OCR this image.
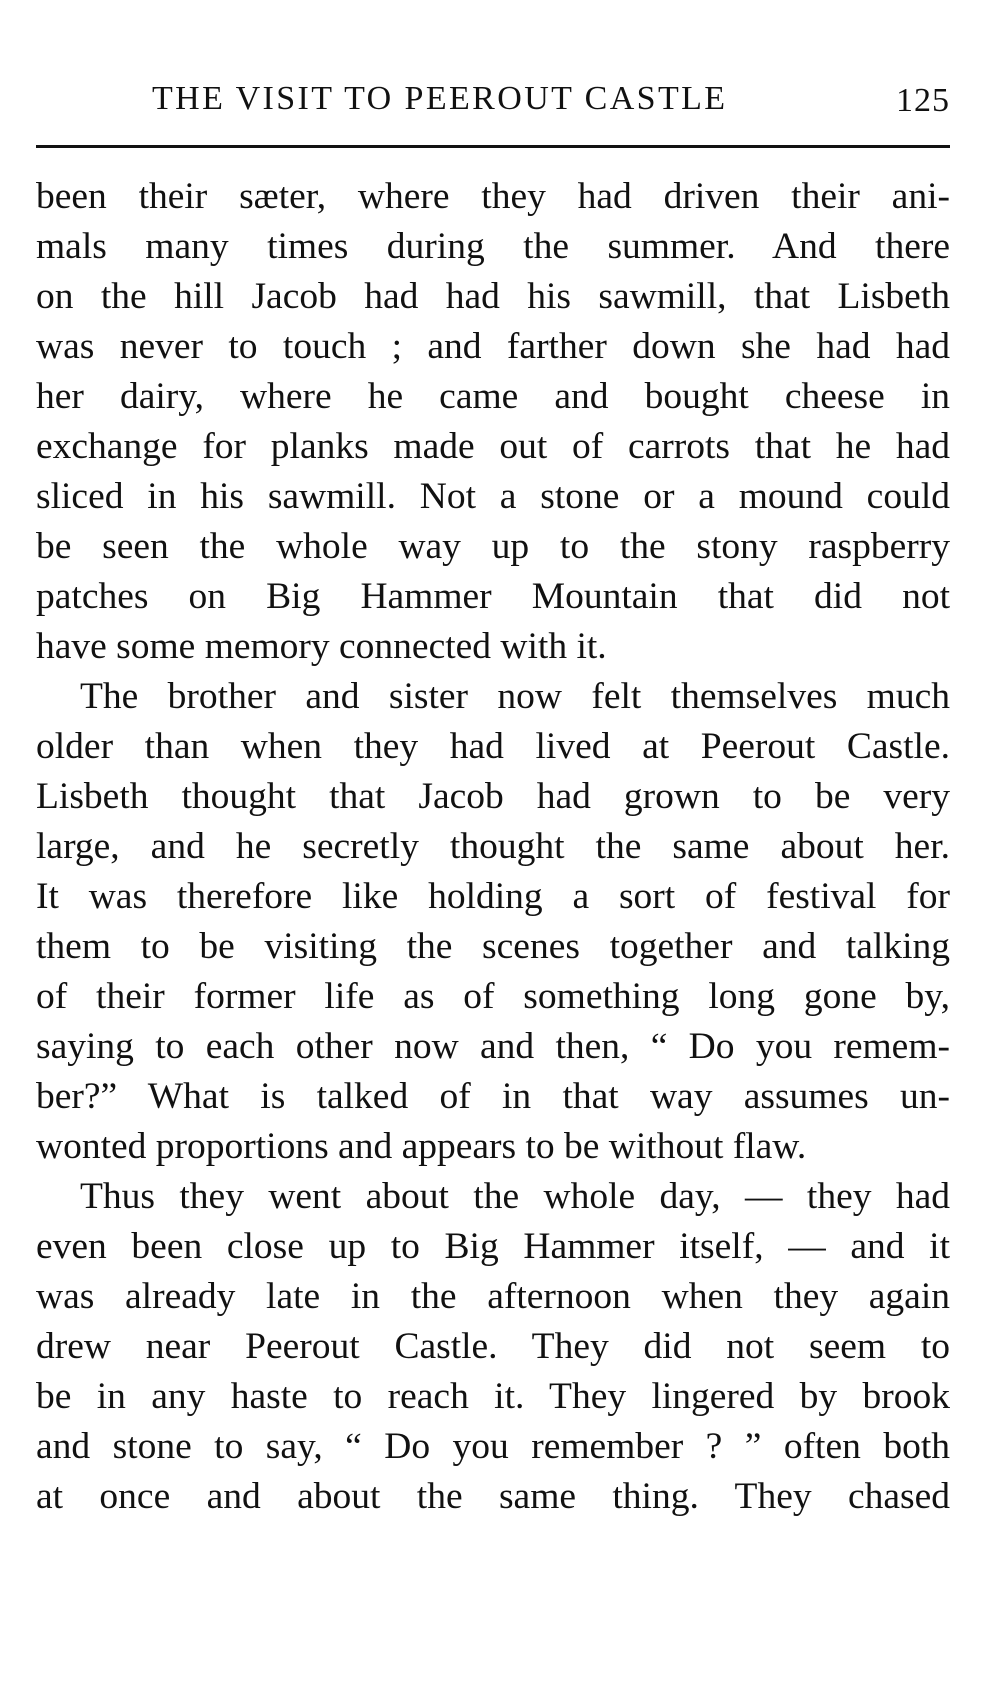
THE VISIT TO PEEROUT CASTLE	125
been their sæter, where they had driven their ani-
mals many times during the summer. And there
on the hill Jacob had had his sawmill, that Lisbeth
was never to touch ; and farther down she had had
her dairy, where he came and bought cheese in
exchange for planks made out of carrots that he had
sliced in his sawmill. Not a stone or a mound could
be seen the whole way up to the stony raspberry
patches on Big Hammer Mountain that did not
have some memory connected with it.
The brother and sister now felt themselves much
older than when they had lived at Peerout Castle.
Lisbeth thought that Jacob had grown to be very
large, and he secretly thought the same about her.
It was therefore like holding a sort of festival for
them to be visiting the scenes together and talking
of their former life as of something long gone by,
saying to each other now and then, “ Do you remem-
ber?” What is talked of in that way assumes un-
wonted proportions and appears to be without flaw.
Thus they went about the whole day, — they had
even been close up to Big Hammer itself, — and it
was already late in the afternoon when they again
drew near Peerout Castle. They did not seem to
be in any haste to reach it. They lingered by brook
and stone to say, “ Do you remember ? ” often both
at once and about the same thing. They chased
